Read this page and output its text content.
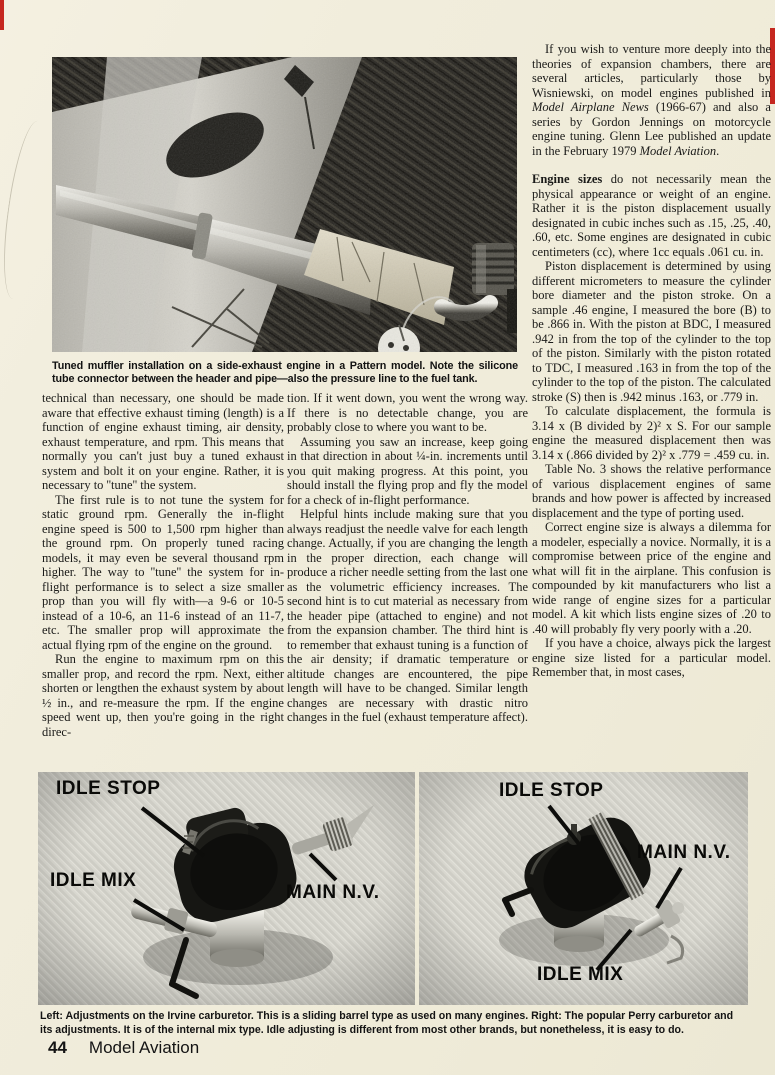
Tuned muffler installation on a side-exhaust engine in a Pattern model. Note the silicone tube connector between the header and pipe—also the pressure line to the fuel tank.

technical than necessary, one should be made aware that effective exhaust timing (length) is a function of engine exhaust timing, air density, exhaust temperature, and rpm. This means that normally you can't just buy a tuned exhaust system and bolt it on your engine. Rather, it is necessary to ''tune'' the system.

The first rule is to not tune the system for static ground rpm. Generally the in-flight engine speed is 500 to 1,500 rpm higher than the ground rpm. On properly tuned racing models, it may even be several thousand rpm higher. The way to ''tune'' the system for in-flight performance is to select a size smaller prop than you will fly with—a 9-6 or 10-5 instead of a 10-6, an 11-6 instead of an 11-7, etc. The smaller prop will approximate the actual flying rpm of the engine on the ground.

Run the engine to maximum rpm on this smaller prop, and record the rpm. Next, either shorten or lengthen the exhaust system by about ½ in., and re-measure the rpm. If the engine speed went up, then you're going in the right direc-

tion. If it went down, you went the wrong way. If there is no detectable change, you are probably close to where you want to be.

Assuming you saw an increase, keep going in that direction in about ¼-in. increments until you quit making progress. At this point, you should install the flying prop and fly the model for a check of in-flight performance.

Helpful hints include making sure that you always readjust the needle valve for each length change. Actually, if you are changing the length in the proper direction, each change will produce a richer needle setting from the last one as the volumetric efficiency increases. The second hint is to cut material as necessary from the header pipe (attached to engine) and not from the expansion chamber. The third hint is to remember that exhaust tuning is a function of the air density; if dramatic temperature or altitude changes are encountered, the pipe length will have to be changed. Similar length changes are necessary with drastic nitro changes in the fuel (exhaust temperature affect).

If you wish to venture more deeply into the theories of expansion chambers, there are several articles, particularly those by Wisniewski, on model engines published in Model Airplane News (1966-67) and also a series by Gordon Jennings on motorcycle engine tuning. Glenn Lee published an update in the February 1979 Model Aviation.

Engine sizes do not necessarily mean the physical appearance or weight of an engine. Rather it is the piston displacement usually designated in cubic inches such as .15, .25, .40, .60, etc. Some engines are designated in cubic centimeters (cc), where 1cc equals .061 cu. in.

Piston displacement is determined by using different micrometers to measure the cylinder bore diameter and the piston stroke. On a sample .46 engine, I measured the bore (B) to be .866 in. With the piston at BDC, I measured .942 in from the top of the cylinder to the top of the piston. Similarly with the piston rotated to TDC, I measured .163 in from the top of the cylinder to the top of the piston. The calculated stroke (S) then is .942 minus .163, or .779 in.

To calculate displacement, the formula is 3.14 x (B divided by 2)² x S. For our sample engine the measured displacement then was 3.14 x (.866 divided by 2)² x .779 = .459 cu. in.

Table No. 3 shows the relative performance of various displacement engines of same brands and how power is affected by increased displacement and the type of porting used.

Correct engine size is always a dilemma for a modeler, especially a novice. Normally, it is a compromise between price of the engine and what will fit in the airplane. This confusion is compounded by kit manufacturers who list a wide range of engine sizes for a particular model. A kit which lists engine sizes of .20 to .40 will probably fly very poorly with a .20.

If you have a choice, always pick the largest engine size listed for a particular model. Remember that, in most cases,

IDLE STOP
IDLE MIX
MAIN N.V.
IDLE STOP
MAIN N.V.
IDLE MIX
Left: Adjustments on the Irvine carburetor. This is a sliding barrel type as used on many engines. Right: The popular Perry carburetor and its adjustments. It is of the internal mix type. Idle adjusting is different from most other brands, but nonetheless, it is easy to do.
44 Model Aviation
